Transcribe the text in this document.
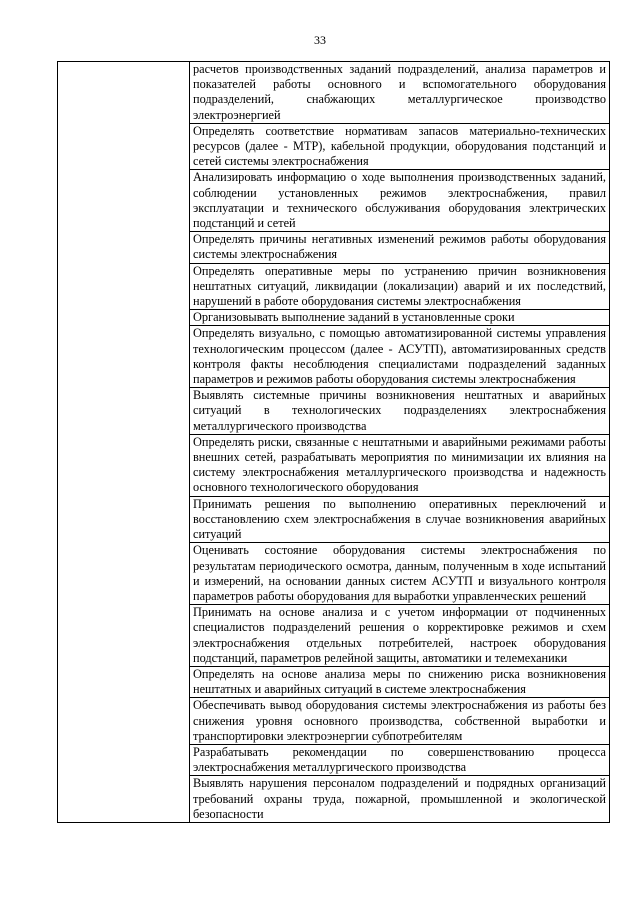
33
	расчетов производственных заданий подразделений, анализа параметров и показателей работы основного и вспомогательного оборудования подразделений, снабжающих металлургическое производство электроэнергией
Определять соответствие нормативам запасов материально-технических ресурсов (далее - МТР), кабельной продукции, оборудования подстанций и сетей системы электроснабжения
Анализировать информацию о ходе выполнения производственных заданий, соблюдении установленных режимов электроснабжения, правил эксплуатации и технического обслуживания оборудования электрических подстанций и сетей
Определять причины негативных изменений режимов работы оборудования системы электроснабжения
Определять оперативные меры по устранению причин возникновения нештатных ситуаций, ликвидации (локализации) аварий и их последствий, нарушений в работе оборудования системы электроснабжения
Организовывать выполнение заданий в установленные сроки
Определять визуально, с помощью автоматизированной системы управления технологическим процессом (далее - АСУТП), автоматизированных средств контроля факты несоблюдения специалистами подразделений заданных параметров и режимов работы оборудования системы электроснабжения
Выявлять системные причины возникновения нештатных и аварийных ситуаций в технологических подразделениях электроснабжения металлургического производства
Определять риски, связанные с нештатными и аварийными режимами работы внешних сетей, разрабатывать мероприятия по минимизации их влияния на систему электроснабжения металлургического производства и надежность основного технологического оборудования
Принимать решения по выполнению оперативных переключений и восстановлению схем электроснабжения в случае возникновения аварийных ситуаций
Оценивать состояние оборудования системы электроснабжения по результатам периодического осмотра, данным, полученным в ходе испытаний и измерений, на основании данных систем АСУТП и визуального контроля параметров работы оборудования для выработки управленческих решений
Принимать на основе анализа и с учетом информации от подчиненных специалистов подразделений решения о корректировке режимов и схем электроснабжения отдельных потребителей, настроек оборудования подстанций, параметров релейной защиты, автоматики и телемеханики
Определять на основе анализа меры по снижению риска возникновения нештатных и аварийных ситуаций в системе электроснабжения
Обеспечивать вывод оборудования системы электроснабжения из работы без снижения уровня основного производства, собственной выработки и транспортировки электроэнергии субпотребителям
Разрабатывать рекомендации по совершенствованию процесса электроснабжения металлургического производства
Выявлять нарушения персоналом подразделений и подрядных организаций требований охраны труда, пожарной, промышленной и экологической безопасности
